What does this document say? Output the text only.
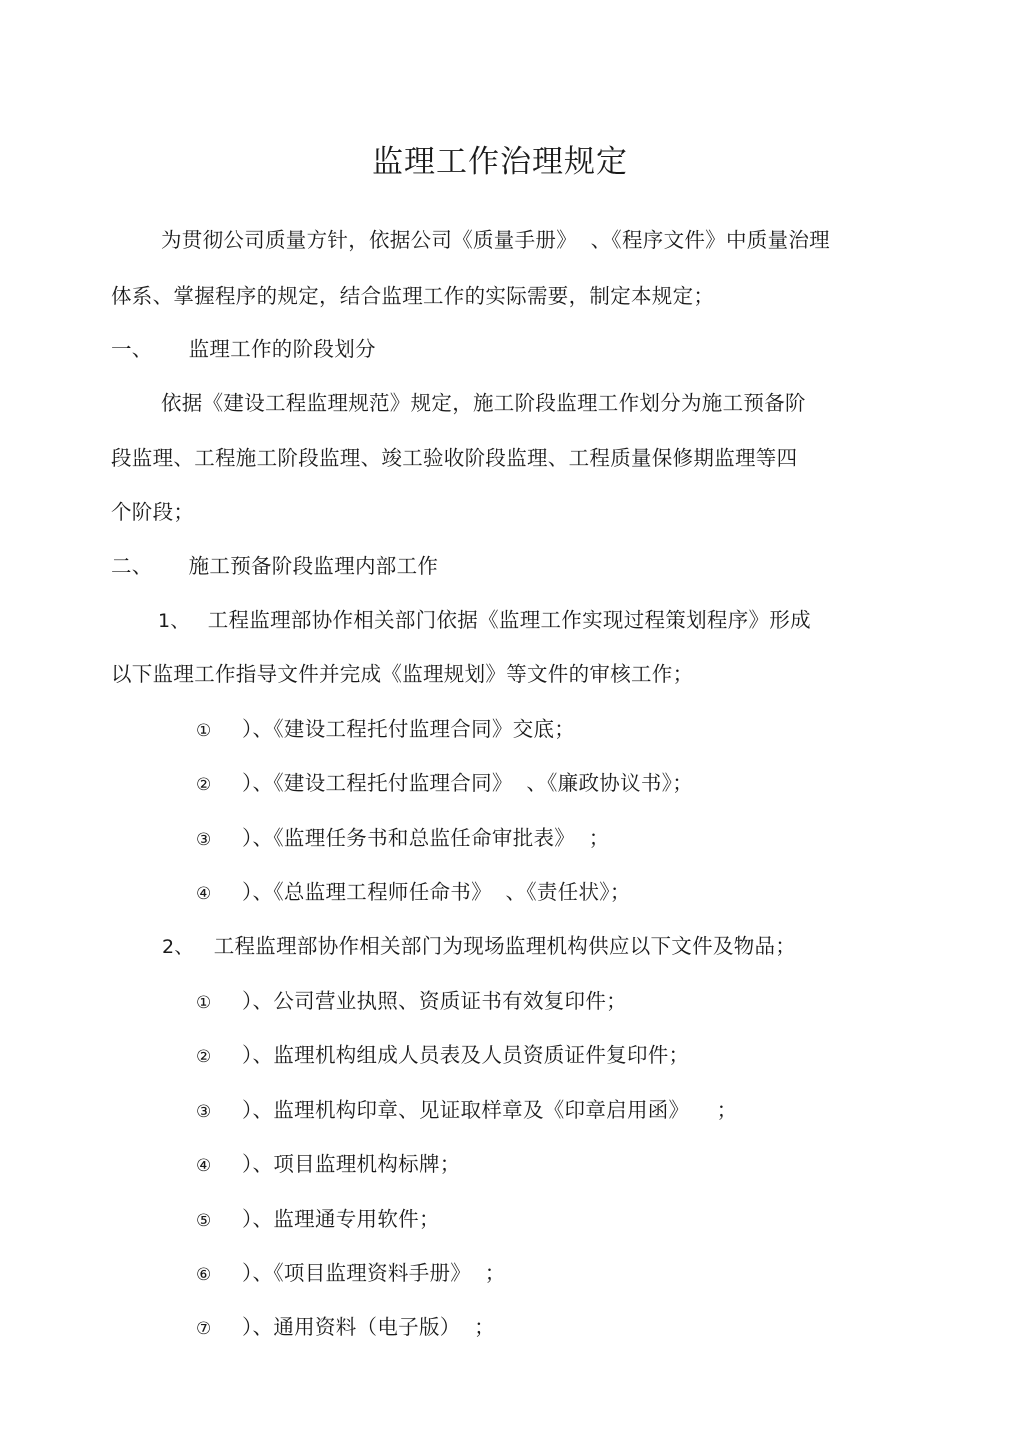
监理工作治理规定
为贯彻公司质量方针，依据公司《质量手册》  、《程序文件》中质量治理
体系、掌握程序的规定，结合监理工作的实际需要，制定本规定；
一、 监理工作的阶段划分
依据《建设工程监理规范》规定，施工阶段监理工作划分为施工预备阶
段监理、工程施工阶段监理、竣工验收阶段监理、工程质量保修期监理等四
个阶段；
二、 施工预备阶段监理内部工作
1、 工程监理部协作相关部门依据《监理工作实现过程策划程序》形成
以下监理工作指导文件并完成《监理规划》等文件的审核工作；
① ）、《建设工程托付监理合同》交底；
② ）、《建设工程托付监理合同》  、《廉政协议书》；
③ ）、《监理任务书和总监任命审批表》  ；
④ ）、《总监理工程师任命书》  、《责任状》；
2、 工程监理部协作相关部门为现场监理机构供应以下文件及物品；
① ）、公司营业执照、资质证书有效复印件；
② ）、监理机构组成人员表及人员资质证件复印件；
③ ）、监理机构印章、见证取样章及《印章启用函》    ；
④ ）、项目监理机构标牌；
⑤ ）、监理通专用软件；
⑥ ）、《项目监理资料手册》  ；
⑦ ）、通用资料（电子版）  ；
